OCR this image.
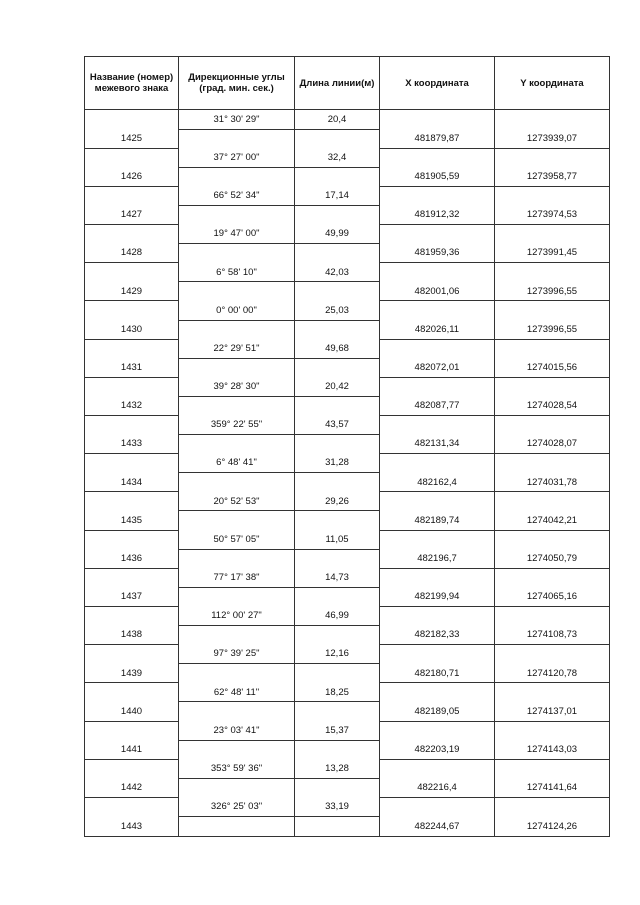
Название (номер) межевого знака	Дирекционные углы (град. мин. сек.)	Длина линии(м)	X координата	Y координата
	31° 30' 29"	20,4		
1425			481879,87	1273939,07
	37° 27' 00"	32,4		
1426			481905,59	1273958,77
	66° 52' 34"	17,14		
1427			481912,32	1273974,53
	19° 47' 00"	49,99		
1428			481959,36	1273991,45
	6° 58' 10"	42,03		
1429			482001,06	1273996,55
	0° 00' 00"	25,03		
1430			482026,11	1273996,55
	22° 29' 51"	49,68		
1431			482072,01	1274015,56
	39° 28' 30"	20,42		
1432			482087,77	1274028,54
	359° 22' 55"	43,57		
1433			482131,34	1274028,07
	6° 48' 41"	31,28		
1434			482162,4	1274031,78
	20° 52' 53"	29,26		
1435			482189,74	1274042,21
	50° 57' 05"	11,05		
1436			482196,7	1274050,79
	77° 17' 38"	14,73		
1437			482199,94	1274065,16
	112° 00' 27"	46,99		
1438			482182,33	1274108,73
	97° 39' 25"	12,16		
1439			482180,71	1274120,78
	62° 48' 11"	18,25		
1440			482189,05	1274137,01
	23° 03' 41"	15,37		
1441			482203,19	1274143,03
	353° 59' 36"	13,28		
1442			482216,4	1274141,64
	326° 25' 03"	33,19		
1443			482244,67	1274124,26
